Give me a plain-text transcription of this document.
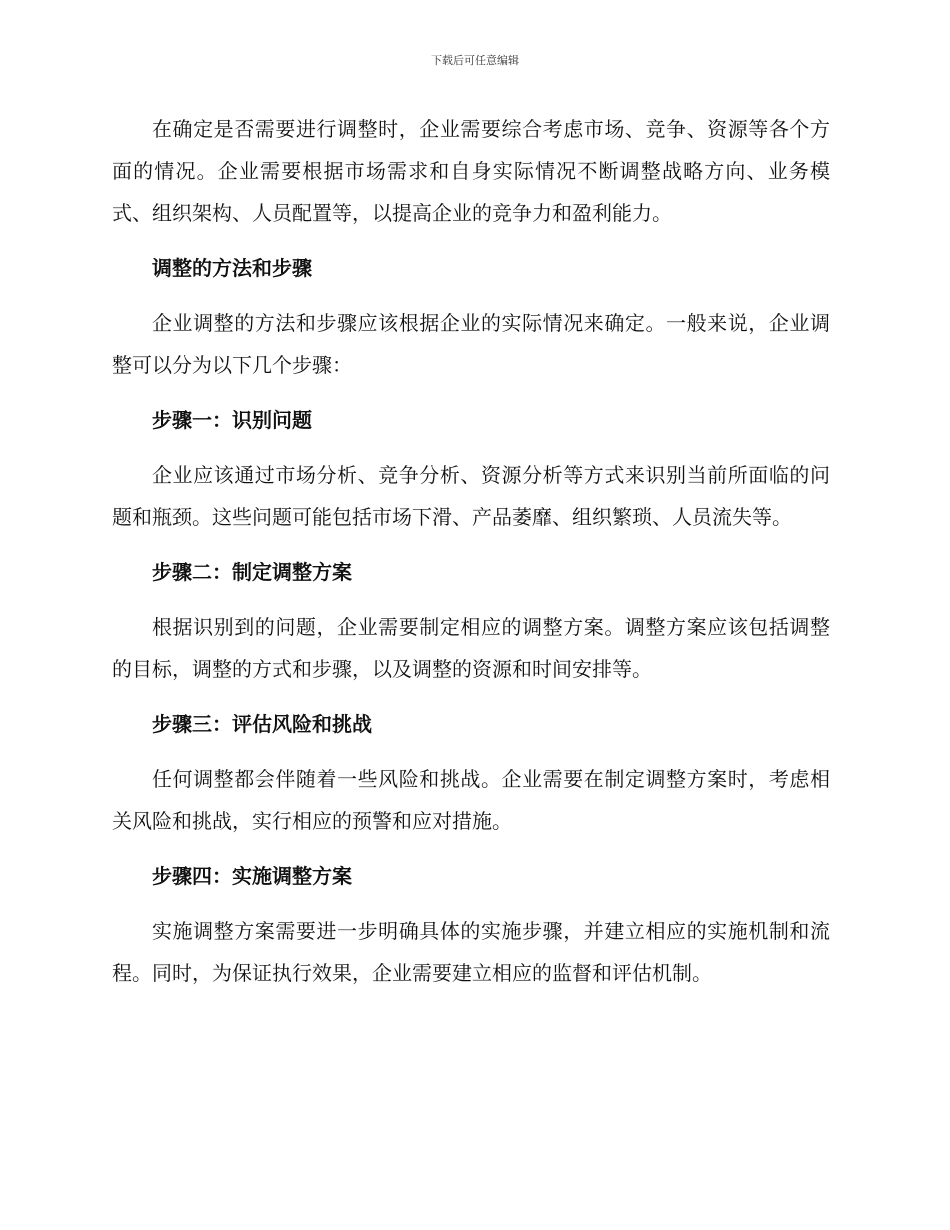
下载后可任意编辑

在确定是否需要进行调整时，企业需要综合考虑市场、竞争、资源等各个方面的情况。企业需要根据市场需求和自身实际情况不断调整战略方向、业务模式、组织架构、人员配置等，以提高企业的竞争力和盈利能力。

调整的方法和步骤

企业调整的方法和步骤应该根据企业的实际情况来确定。一般来说，企业调整可以分为以下几个步骤：

步骤一：识别问题

企业应该通过市场分析、竞争分析、资源分析等方式来识别当前所面临的问题和瓶颈。这些问题可能包括市场下滑、产品萎靡、组织繁琐、人员流失等。

步骤二：制定调整方案

根据识别到的问题，企业需要制定相应的调整方案。调整方案应该包括调整的目标，调整的方式和步骤，以及调整的资源和时间安排等。

步骤三：评估风险和挑战

任何调整都会伴随着一些风险和挑战。企业需要在制定调整方案时，考虑相关风险和挑战，实行相应的预警和应对措施。

步骤四：实施调整方案

实施调整方案需要进一步明确具体的实施步骤，并建立相应的实施机制和流程。同时，为保证执行效果，企业需要建立相应的监督和评估机制。
